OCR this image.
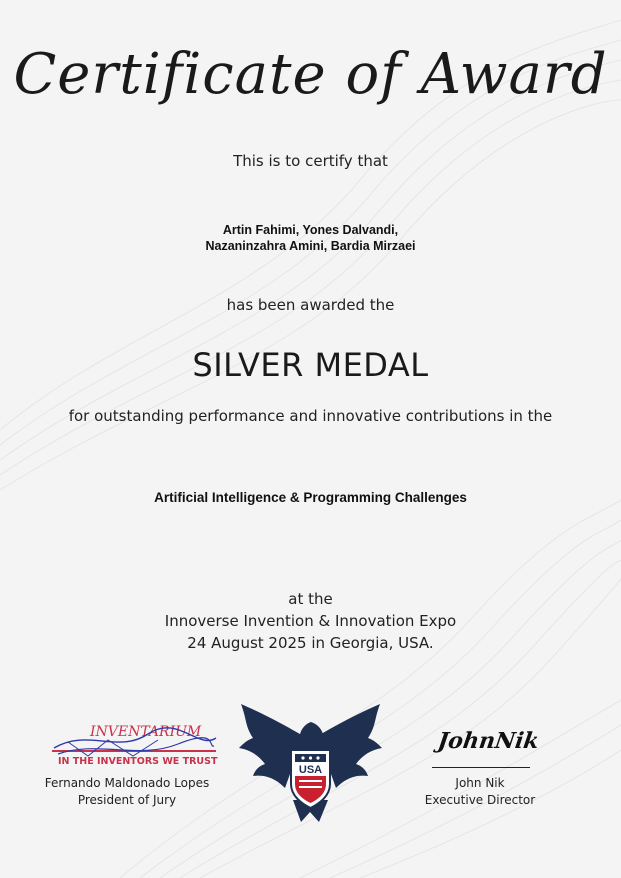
Certificate of Award
This is to certify that
Artin Fahimi, Yones Dalvandi,
Nazaninzahra Amini, Bardia Mirzaei
has been awarded the
SILVER MEDAL
for outstanding performance and innovative contributions in the
Artificial Intelligence & Programming Challenges
at the
Innoverse Invention & Innovation Expo
24 August 2025 in Georgia, USA.
INVENTARIUM
IN THE INVENTORS WE TRUST
Fernando Maldonado Lopes
President of Jury
USA
JohnNik
John Nik
Executive Director
